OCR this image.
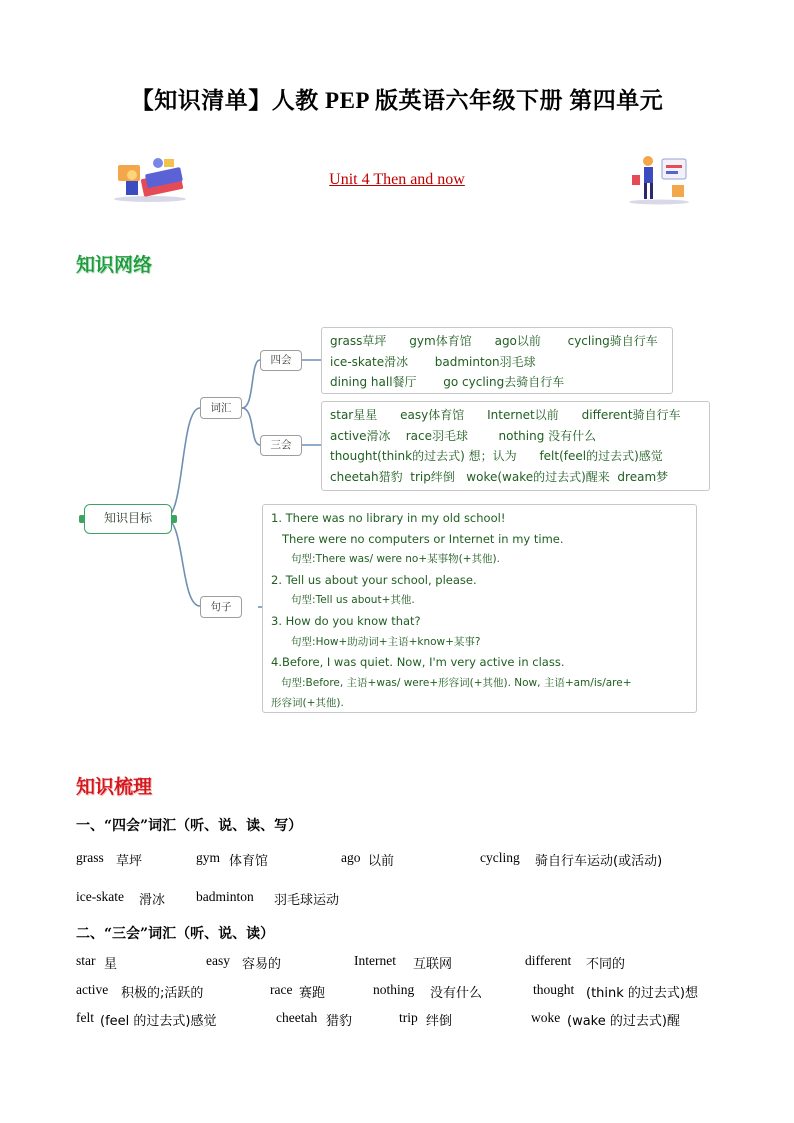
【知识清单】人教 PEP 版英语六年级下册 第四单元
Unit 4 Then and now
知识网络
知识目标
词汇
句子
四会
三会
grass草坪      gym体育馆      ago以前       cycling骑自行车
ice-skate滑冰       badminton羽毛球
dining hall餐厅       go cycling去骑自行车
star星星      easy体育馆      Internet以前      different骑自行车
active滑冰    race羽毛球        nothing 没有什么
thought(think的过去式) 想；认为      felt(feel的过去式)感觉
cheetah猎豹  trip绊倒   woke(wake的过去式)醒来  dream梦
1. There was no library in my old school!
There were no computers or Internet in my time.
句型:There was/ were no+某事物(+其他).
2. Tell us about your school, please.
句型:Tell us about+其他.
3. How do you know that?
句型:How+助动词+主语+know+某事?
4.Before, I was quiet. Now, I'm very active in class.
句型:Before, 主语+was/ were+形容词(+其他). Now, 主语+am/is/are+
形容词(+其他).
知识梳理
一、“四会”词汇（听、说、读、写）
grass 草坪	gym 体育馆	ago 以前	cycling 骑自行车运动(或活动)
ice-skate 滑冰 badminton 羽毛球运动
二、“三会”词汇（听、说、读）
star 星	easy 容易的	Internet 互联网	different 不同的
active 积极的;活跃的	race 赛跑	nothing 没有什么	thought (think 的过去式)想
felt (feel 的过去式)感觉	cheetah 猎豹	trip 绊倒	woke (wake 的过去式)醒
